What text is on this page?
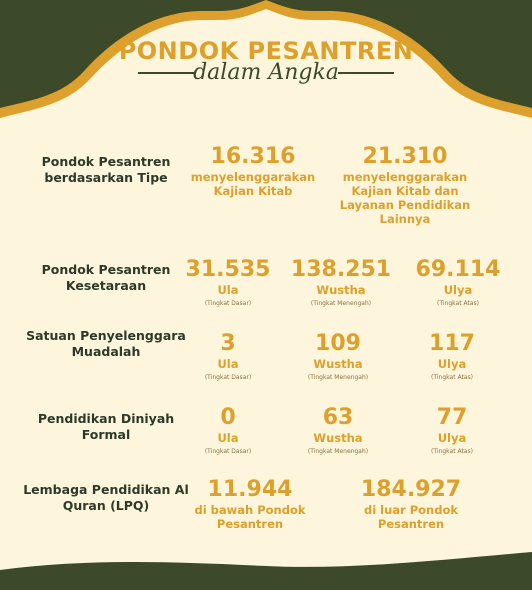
PONDOK PESANTREN
dalam Angka
Pondok Pesantren berdasarkan Tipe
16.316
menyelenggarakan Kajian Kitab
21.310
menyelenggarakan Kajian Kitab dan Layanan Pendidikan Lainnya
Pondok Pesantren Kesetaraan
31.535
Ula
(Tingkat Dasar)
138.251
Wustha
(Tingkat Menengah)
69.114
Ulya
(Tingkat Atas)
Satuan Penyelenggara Muadalah	3
Ula
(Tingkat Dasar)
109
Wustha
(Tingkat Menengah)
117
Ulya
(Tingkat Atas)
Pendidikan Diniyah Formal
0
Ula
(Tingkat Dasar)
63
Wustha
(Tingkat Menengah)
77
Ulya
(Tingkat Atas)
Lembaga Pendidikan Al Quran (LPQ)
11.944
di bawah Pondok Pesantren
184.927
di luar Pondok Pesantren
